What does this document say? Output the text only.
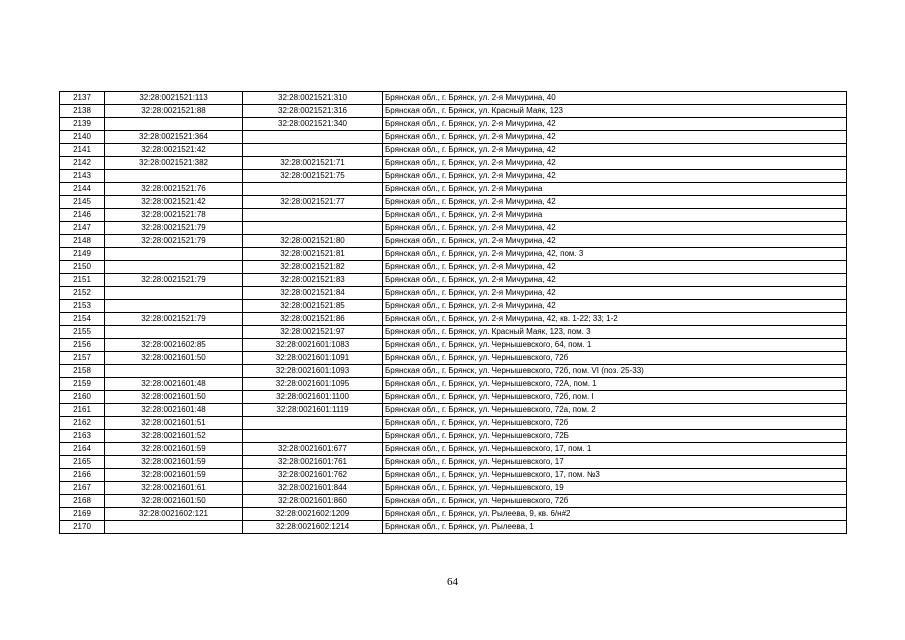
2137	32:28:0021521:113	32:28:0021521:310	Брянская обл., г. Брянск, ул. 2-я Мичурина, 40
2138	32:28:0021521:88	32:28:0021521:316	Брянская обл., г. Брянск, ул. Красный Маяк, 123
2139		32:28:0021521:340	Брянская обл., г. Брянск, ул. 2-я Мичурина, 42
2140	32:28:0021521:364		Брянская обл., г. Брянск, ул. 2-я Мичурина, 42
2141	32:28:0021521:42		Брянская обл., г. Брянск, ул. 2-я Мичурина, 42
2142	32:28:0021521:382	32:28:0021521:71	Брянская обл., г. Брянск, ул. 2-я Мичурина, 42
2143		32:28:0021521:75	Брянская обл., г. Брянск, ул. 2-я Мичурина, 42
2144	32:28:0021521:76		Брянская обл., г. Брянск, ул. 2-я Мичурина
2145	32:28:0021521:42	32:28:0021521:77	Брянская обл., г. Брянск, ул. 2-я Мичурина, 42
2146	32:28:0021521:78		Брянская обл., г. Брянск, ул. 2-я Мичурина
2147	32:28:0021521:79		Брянская обл., г. Брянск, ул. 2-я Мичурина, 42
2148	32:28:0021521:79	32:28:0021521:80	Брянская обл., г. Брянск, ул. 2-я Мичурина, 42
2149		32:28:0021521:81	Брянская обл., г. Брянск, ул. 2-я Мичурина, 42, пом. 3
2150		32:28:0021521:82	Брянская обл., г. Брянск, ул. 2-я Мичурина, 42
2151	32:28:0021521:79	32:28:0021521:83	Брянская обл., г. Брянск, ул. 2-я Мичурина, 42
2152		32:28:0021521:84	Брянская обл., г. Брянск, ул. 2-я Мичурина, 42
2153		32:28:0021521:85	Брянская обл., г. Брянск, ул. 2-я Мичурина, 42
2154	32:28:0021521:79	32:28:0021521:86	Брянская обл., г. Брянск, ул. 2-я Мичурина, 42, кв. 1-22; 33; 1-2
2155		32:28:0021521:97	Брянская обл., г. Брянск, ул. Красный Маяк, 123, пом. 3
2156	32:28:0021602:85	32:28:0021601:1083	Брянская обл., г. Брянск, ул. Чернышевского, 64, пом. 1
2157	32:28:0021601:50	32:28:0021601:1091	Брянская обл., г. Брянск, ул. Чернышевского, 72б
2158		32:28:0021601:1093	Брянская обл., г. Брянск, ул. Чернышевского, 72б, пом. VI (поз. 25-33)
2159	32:28:0021601:48	32:28:0021601:1095	Брянская обл., г. Брянск, ул. Чернышевского, 72А, пом. 1
2160	32:28:0021601:50	32:28:0021601:1100	Брянская обл., г. Брянск, ул. Чернышевского, 72б, пом. I
2161	32:28:0021601:48	32:28:0021601:1119	Брянская обл., г. Брянск, ул. Чернышевского, 72а, пом. 2
2162	32:28:0021601:51		Брянская обл., г. Брянск, ул. Чернышевского, 72б
2163	32:28:0021601:52		Брянская обл., г. Брянск, ул. Чернышевского, 72Б
2164	32:28:0021601:59	32:28:0021601:677	Брянская обл., г. Брянск, ул. Чернышевского, 17, пом. 1
2165	32:28:0021601:59	32:28:0021601:761	Брянская обл., г. Брянск, ул. Чернышевского, 17
2166	32:28:0021601:59	32:28:0021601:762	Брянская обл., г. Брянск, ул. Чернышевского, 17, пом. №3
2167	32:28:0021601:61	32:28:0021601:844	Брянская обл., г. Брянск, ул. Чернышевского, 19
2168	32:28:0021601:50	32:28:0021601:860	Брянская обл., г. Брянск, ул. Чернышевского, 72б
2169	32:28:0021602:121	32:28:0021602:1209	Брянская обл., г. Брянск, ул. Рылеева, 9, кв. 6/н#2
2170		32:28:0021602:1214	Брянская обл., г. Брянск, ул. Рылеева, 1
64
